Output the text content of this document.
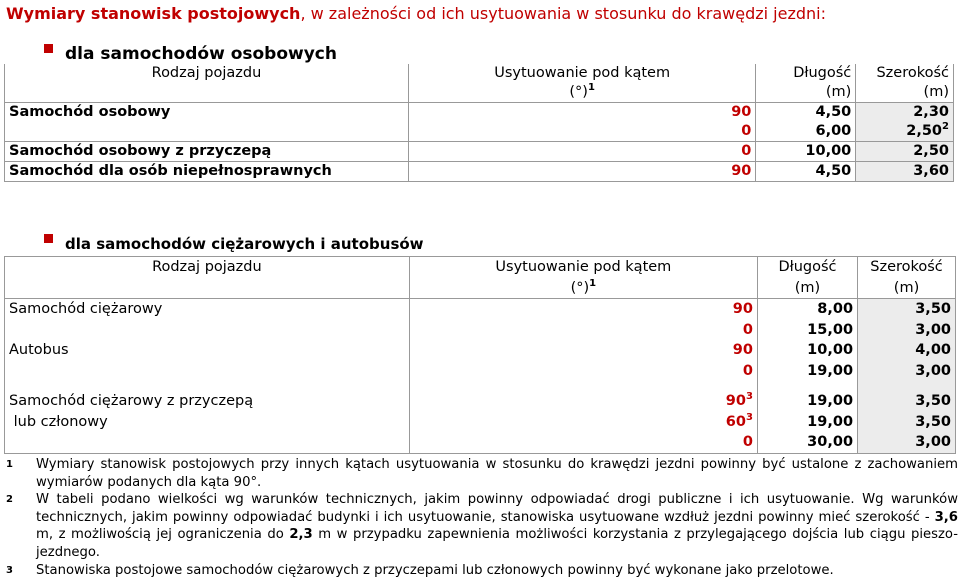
Wymiary stanowisk postojowych, w zależności od ich usytuowania w stosunku do krawędzi jezdni:
dla samochodów osobowych
Rodzaj pojazdu	Usytuowanie pod kątem	Długość	Szerokość
	(°)$^1$	(m)	(m)
Samochód osobowy	90	4,50	2,30
	0	6,00	2,50$^2$
Samochód osobowy z przyczepą	0	10,00	2,50
Samochód dla osób niepełnosprawnych	90	4,50	3,60
dla samochodów ciężarowych i autobusów
Rodzaj pojazdu	Usytuowanie pod kątem	Długość	Szerokość
	(°)$^1$	(m)	(m)
Samochód ciężarowy	90	8,00	3,50
	0	15,00	3,00
Autobus	90	10,00	4,00
	0	19,00	3,00

Samochód ciężarowy z przyczepą	$90^3$	19,00	3,50
lub członowy	$60^3$	19,00	3,50
	0	30,00	3,00
1 Wymiary stanowisk postojowych przy innych kątach usytuowania w stosunku do krawędzi jezdni powinny być ustalone z zachowaniem wymiarów podanych dla kąta 90°.
2 W tabeli podano wielkości wg warunków technicznych, jakim powinny odpowiadać drogi publiczne i ich usytuowanie. Wg warunków technicznych, jakim powinny odpowiadać budynki i ich usytuowanie, stanowiska usytuowane wzdłuż jezdni powinny mieć szerokość - 3,6 m, z możliwością jej ograniczenia do 2,3 m w przypadku zapewnienia możliwości korzystania z przylegającego dojścia lub ciągu pieszo-jezdnego.
3 Stanowiska postojowe samochodów ciężarowych z przyczepami lub członowych powinny być wykonane jako przelotowe.
